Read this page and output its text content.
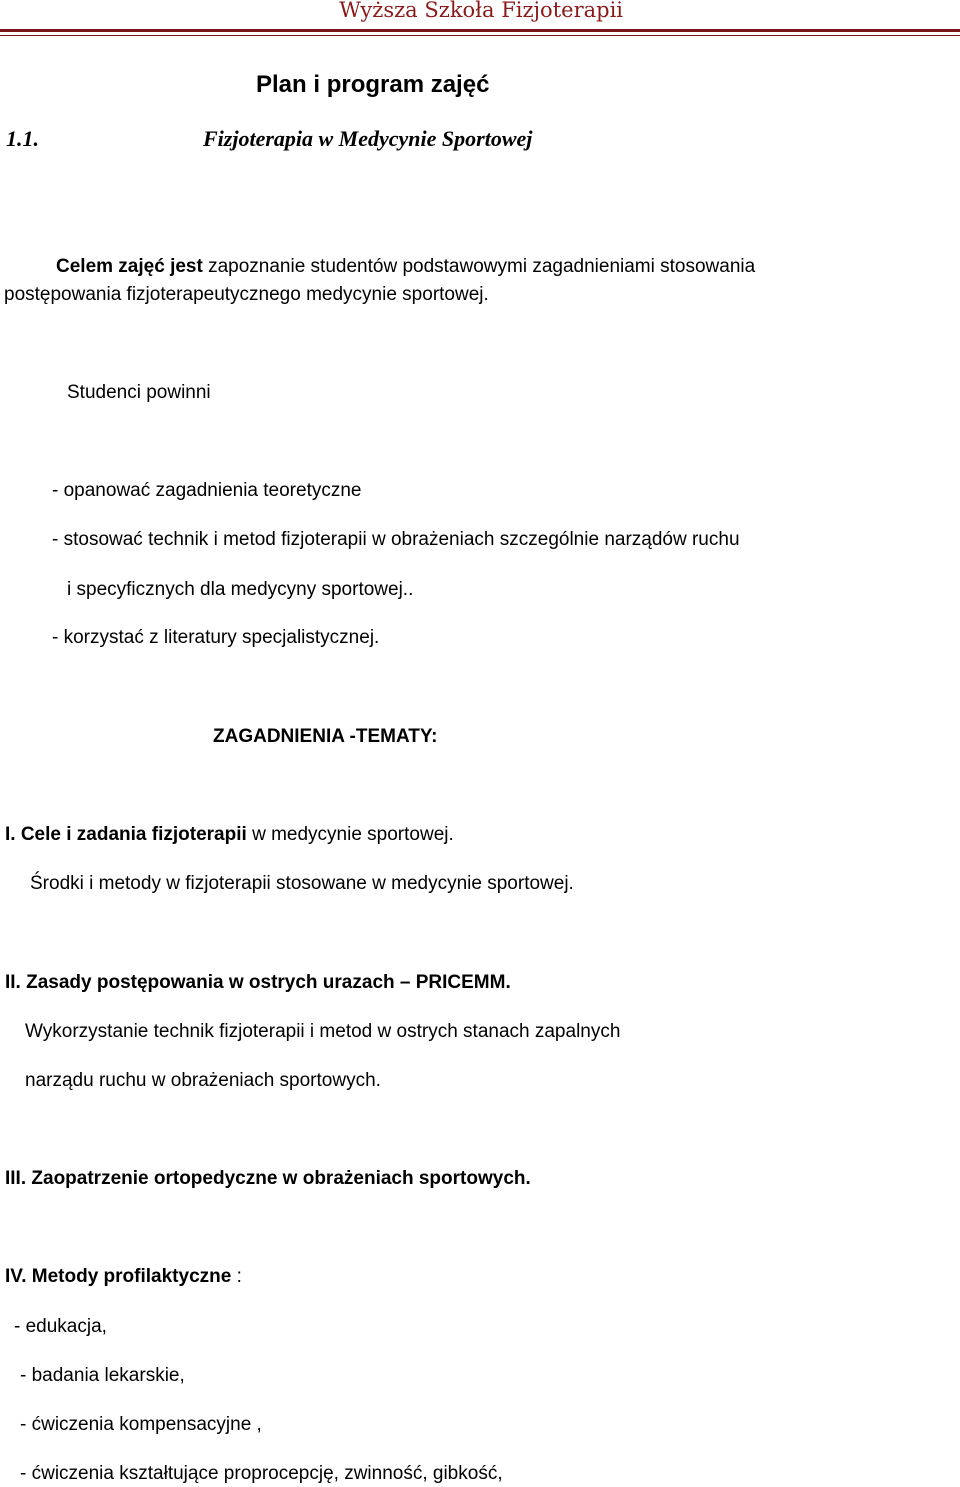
Wyższa Szkoła Fizjoterapii
Plan i program zajęć
1.1.	Fizjoterapia w Medycynie Sportowej
Celem zajęć jest zapoznanie studentów podstawowymi zagadnieniami stosowania
postępowania fizjoterapeutycznego medycynie sportowej.
Studenci powinni
- opanować zagadnienia teoretyczne
- stosować technik i metod fizjoterapii w obrażeniach szczególnie narządów ruchu
i specyficznych dla medycyny sportowej..
- korzystać z literatury specjalistycznej.
ZAGADNIENIA -TEMATY:
I. Cele i zadania fizjoterapii w medycynie sportowej.
Środki i metody w fizjoterapii stosowane w medycynie sportowej.
II. Zasady postępowania w ostrych urazach – PRICEMM.
Wykorzystanie technik fizjoterapii i metod w ostrych stanach zapalnych
narządu ruchu w obrażeniach sportowych.
III. Zaopatrzenie ortopedyczne w obrażeniach sportowych.
IV. Metody profilaktyczne :
- edukacja,
- badania lekarskie,
- ćwiczenia kompensacyjne ,
- ćwiczenia kształtujące proprocepcję, zwinność, gibkość,
